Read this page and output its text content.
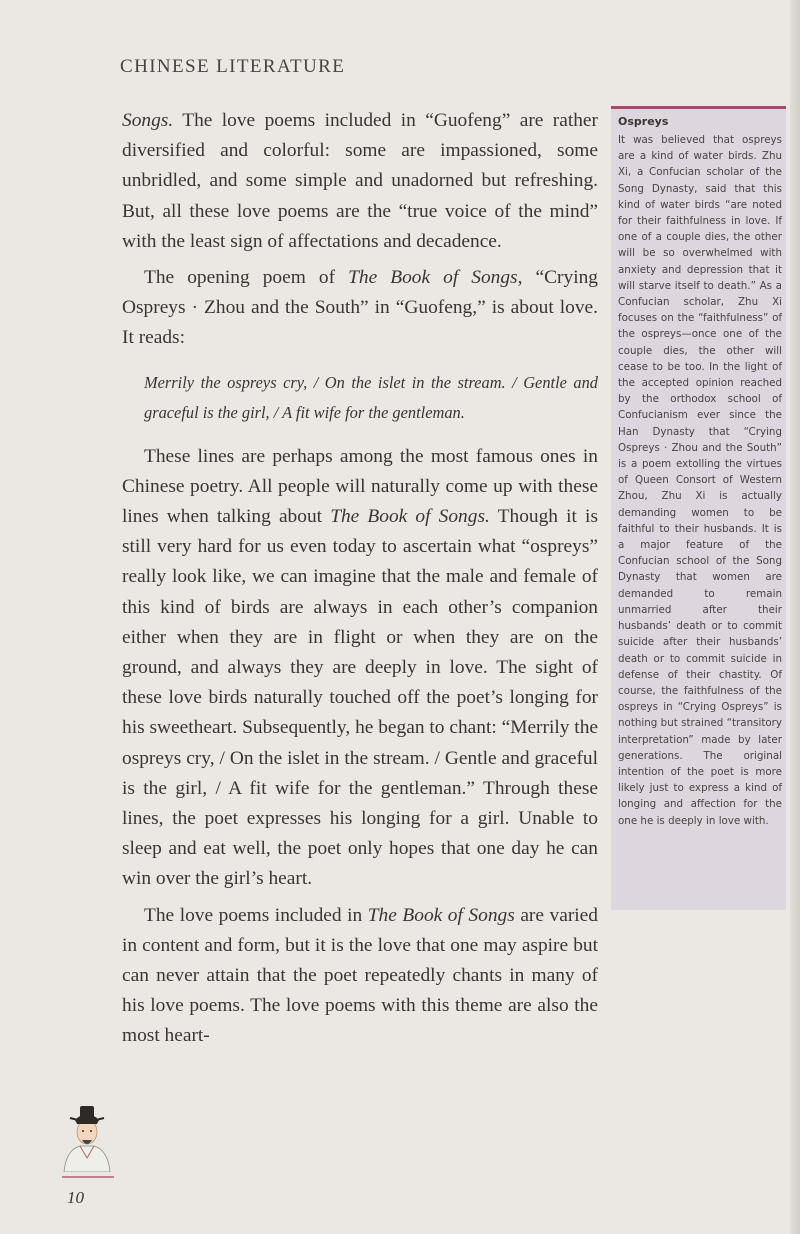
CHINESE LITERATURE

Songs. The love poems included in “Guofeng” are rather diversified and colorful: some are impassioned, some unbridled, and some simple and unadorned but refreshing. But, all these love poems are the “true voice of the mind” with the least sign of affectations and decadence.

The opening poem of The Book of Songs, “Crying Ospreys · Zhou and the South” in “Guofeng,” is about love. It reads:

Merrily the ospreys cry, / On the islet in the stream. / Gentle and graceful is the girl, / A fit wife for the gentleman.

These lines are perhaps among the most famous ones in Chinese poetry. All people will naturally come up with these lines when talking about The Book of Songs. Though it is still very hard for us even today to ascertain what “ospreys” really look like, we can imagine that the male and female of this kind of birds are always in each other’s companion either when they are in flight or when they are on the ground, and always they are deeply in love. The sight of these love birds naturally touched off the poet’s longing for his sweetheart. Subsequently, he began to chant: “Merrily the ospreys cry, / On the islet in the stream. / Gentle and graceful is the girl, / A fit wife for the gentleman.” Through these lines, the poet expresses his longing for a girl. Unable to sleep and eat well, the poet only hopes that one day he can win over the girl’s heart.

The love poems included in The Book of Songs are varied in content and form, but it is the love that one may aspire but can never attain that the poet repeatedly chants in many of his love poems. The love poems with this theme are also the most heart-

Ospreys

It was believed that ospreys are a kind of water birds. Zhu Xi, a Confucian scholar of the Song Dynasty, said that this kind of water birds “are noted for their faithfulness in love. If one of a couple dies, the other will be so overwhelmed with anxiety and depression that it will starve itself to death.” As a Confucian scholar, Zhu Xi focuses on the “faithfulness” of the ospreys—once one of the couple dies, the other will cease to be too. In the light of the accepted opinion reached by the orthodox school of Confucianism ever since the Han Dynasty that “Crying Ospreys · Zhou and the South” is a poem extolling the virtues of Queen Consort of Western Zhou, Zhu Xi is actually demanding women to be faithful to their husbands. It is a major feature of the Confucian school of the Song Dynasty that women are demanded to remain unmarried after their husbands’ death or to commit suicide after their husbands’ death or to commit suicide in defense of their chastity. Of course, the faithfulness of the ospreys in “Crying Ospreys” is nothing but strained “transitory interpretation” made by later generations. The original intention of the poet is more likely just to express a kind of longing and affection for the one he is deeply in love with.

10
